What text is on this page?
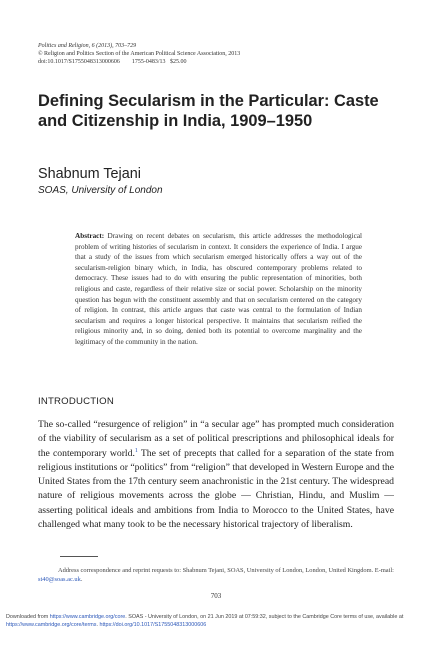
Politics and Religion, 6 (2013), 703–729
© Religion and Politics Section of the American Political Science Association, 2013
doi:10.1017/S1755048313000606        1755-0483/13   $25.00
Defining Secularism in the Particular: Caste and Citizenship in India, 1909–1950
Shabnum Tejani
SOAS, University of London

Abstract: Drawing on recent debates on secularism, this article addresses the methodological problem of writing histories of secularism in context. It considers the experience of India. I argue that a study of the issues from which secularism emerged historically offers a way out of the secularism-religion binary which, in India, has obscured contemporary problems related to democracy. These issues had to do with ensuring the public representation of minorities, both religious and caste, regardless of their relative size or social power. Scholarship on the minority question has begun with the constituent assembly and that on secularism centered on the category of religion. In contrast, this article argues that caste was central to the formulation of Indian secularism and requires a longer historical perspective. It maintains that secularism reified the religious minority and, in so doing, denied both its potential to overcome marginality and the legitimacy of the community in the nation.

INTRODUCTION

The so-called “resurgence of religion” in “a secular age” has prompted much consideration of the viability of secularism as a set of political prescriptions and philosophical ideals for the contemporary world.$^1$ The set of precepts that called for a separation of the state from religious institutions or “politics” from “religion” that developed in Western Europe and the United States from the 17th century seem anachronistic in the 21st century. The widespread nature of religious movements across the globe — Christian, Hindu, and Muslim — asserting political ideals and ambitions from India to Morocco to the United States, have challenged what many took to be the necessary historical trajectory of liberalism.

Address correspondence and reprint requests to: Shabnum Tejani, SOAS, University of London, London, United Kingdom. E-mail: st40@soas.ac.uk.

703

Downloaded from https://www.cambridge.org/core. SOAS - University of London, on 21 Jun 2019 at 07:59:32, subject to the Cambridge Core terms of use, available at https://www.cambridge.org/core/terms. https://doi.org/10.1017/S1755048313000606
